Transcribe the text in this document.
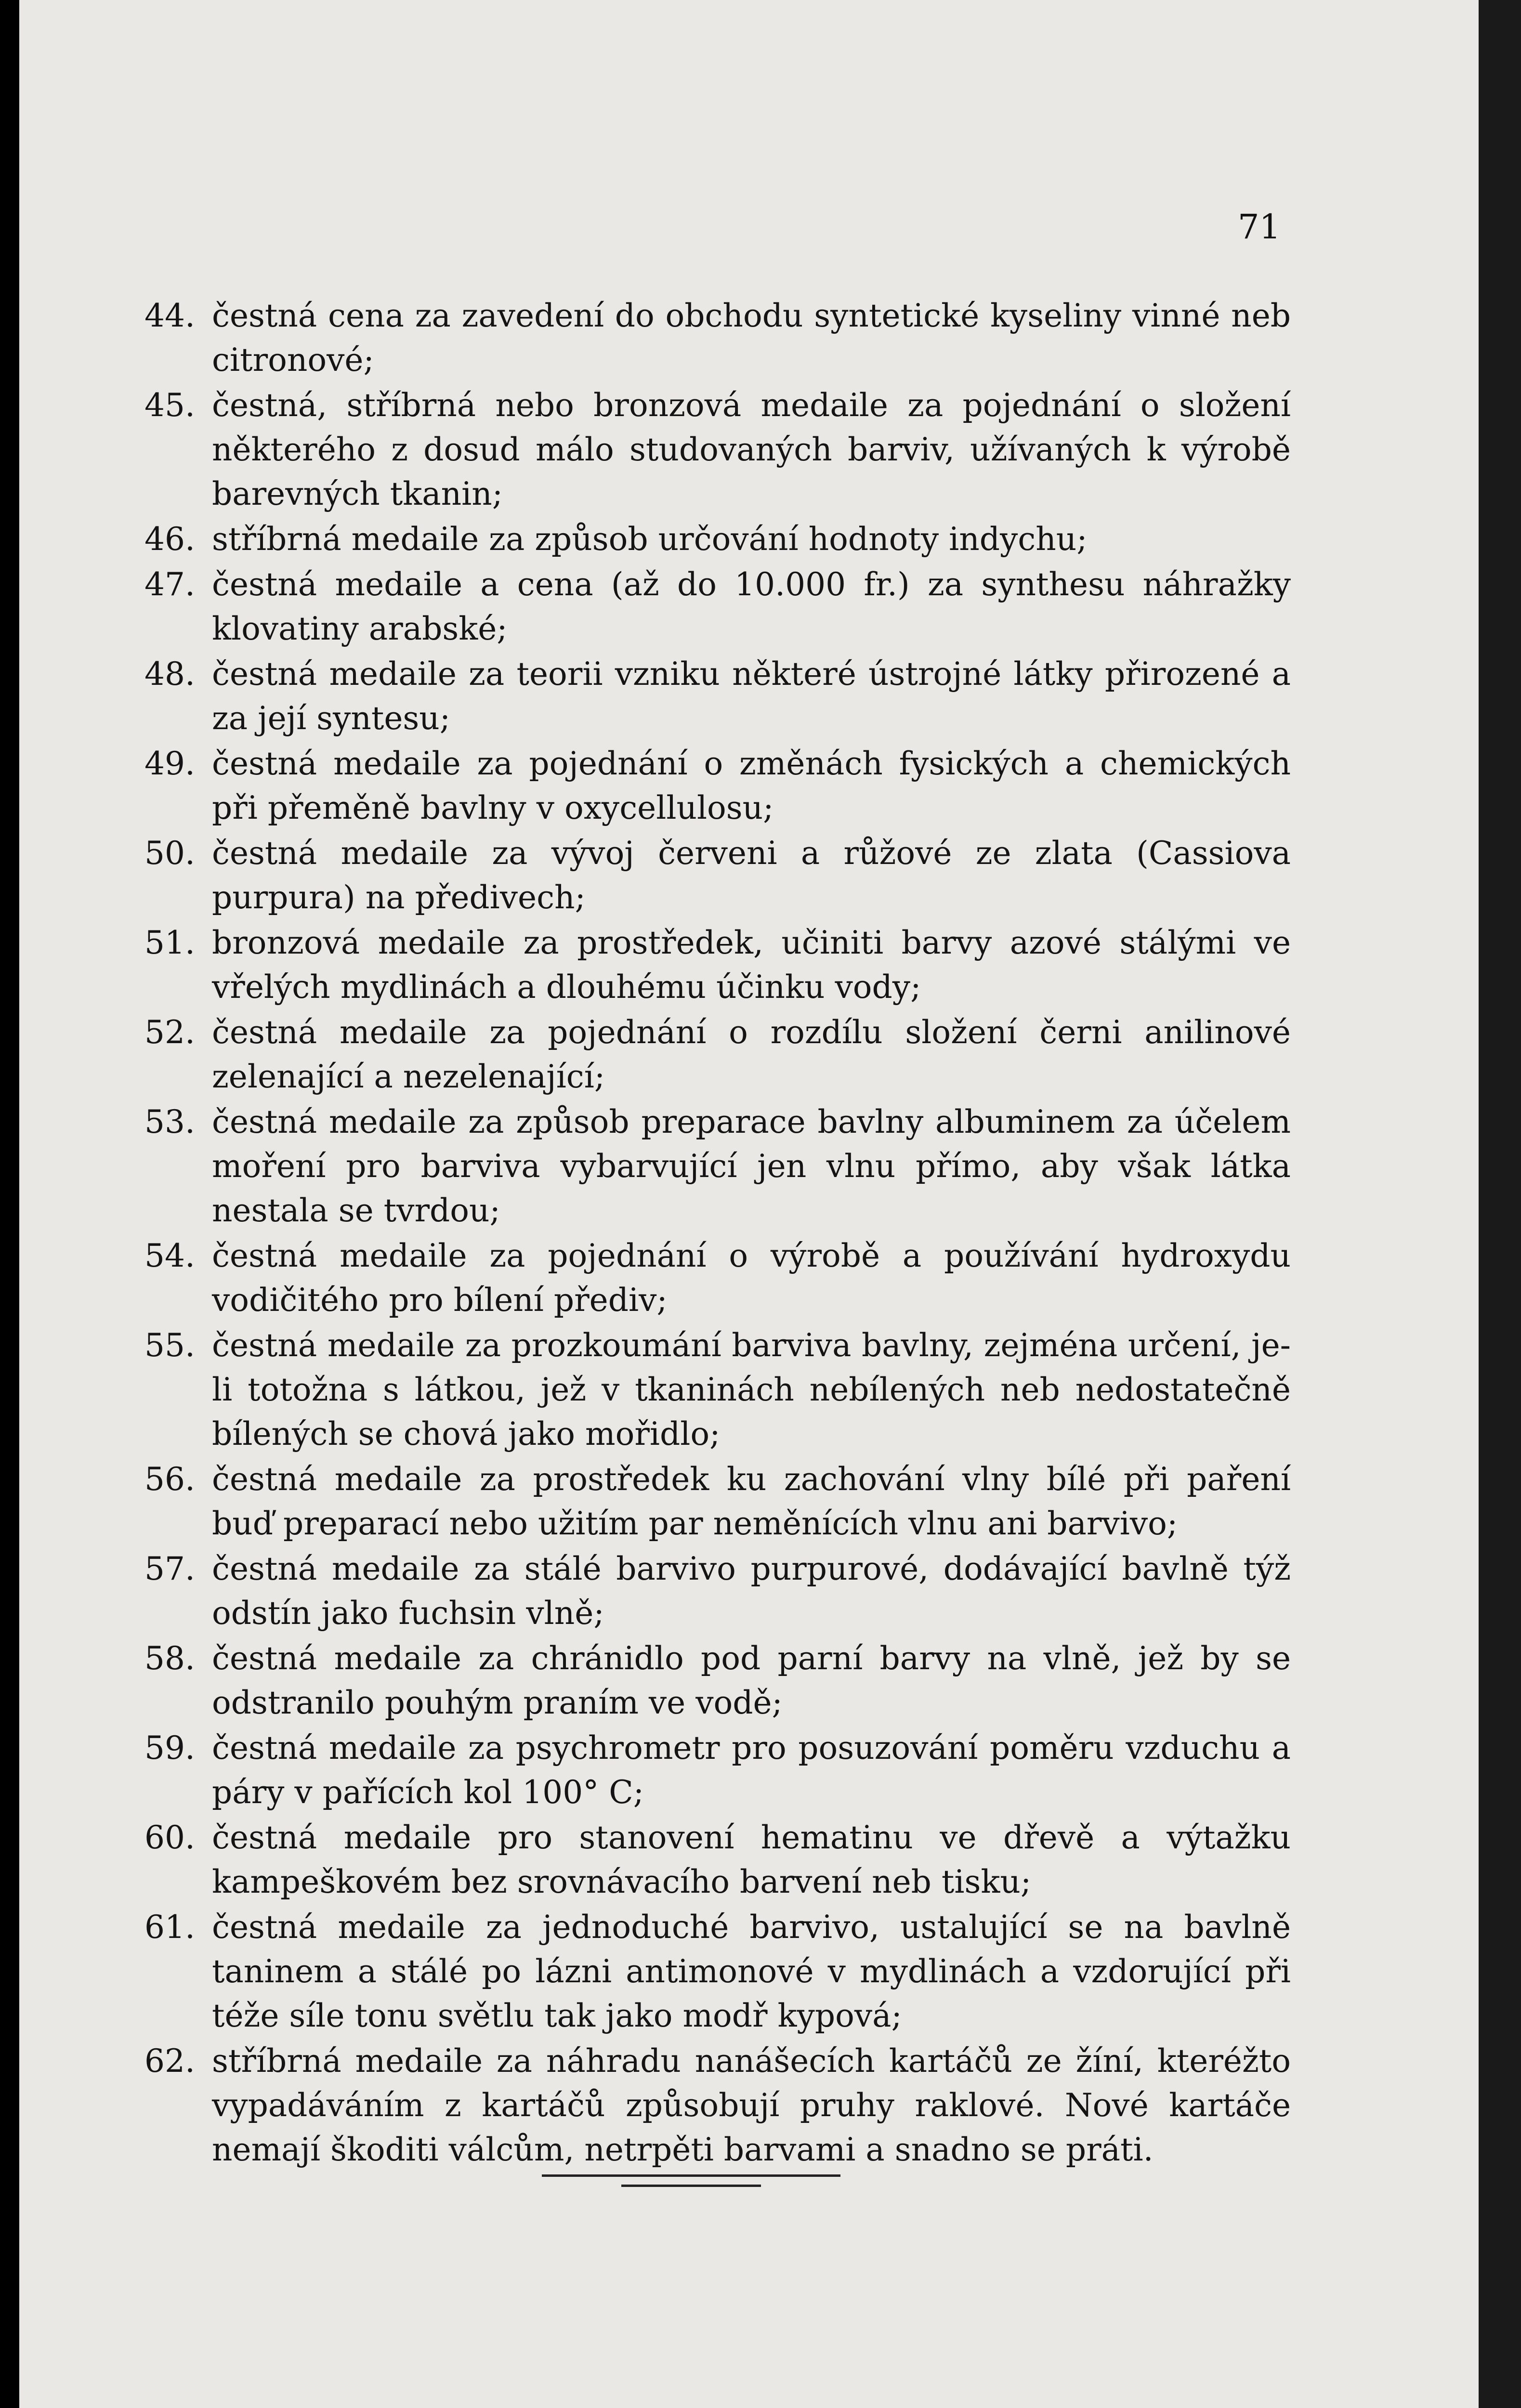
71

44. čestná cena za zavedení do obchodu syntetické kyseliny vinné neb citronové;
45. čestná, stříbrná nebo bronzová medaile za pojednání o složení některého z dosud málo studovaných barviv, užívaných k výrobě barevných tkanin;
46. stříbrná medaile za způsob určování hodnoty indychu;
47. čestná medaile a cena (až do 10.000 fr.) za synthesu náhražky klovatiny arabské;
48. čestná medaile za teorii vzniku některé ústrojné látky přirozené a za její syntesu;
49. čestná medaile za pojednání o změnách fysických a chemických při přeměně bavlny v oxycellulosu;
50. čestná medaile za vývoj červeni a růžové ze zlata (Cassiova purpura) na předivech;
51. bronzová medaile za prostředek, učiniti barvy azové stálými ve vřelých mydlinách a dlouhému účinku vody;
52. čestná medaile za pojednání o rozdílu složení černi anilinové zelenající a nezelenající;
53. čestná medaile za způsob preparace bavlny albuminem za účelem moření pro barviva vybarvující jen vlnu přímo, aby však látka nestala se tvrdou;
54. čestná medaile za pojednání o výrobě a používání hydroxydu vodičitého pro bílení přediv;
55. čestná medaile za prozkoumání barviva bavlny, zejména určení, je-li totožna s látkou, jež v tkaninách nebílených neb nedostatečně bílených se chová jako mořidlo;
56. čestná medaile za prostředek ku zachování vlny bílé při paření buď preparací nebo užitím par neměnících vlnu ani barvivo;
57. čestná medaile za stálé barvivo purpurové, dodávající bavlně týž odstín jako fuchsin vlně;
58. čestná medaile za chránidlo pod parní barvy na vlně, jež by se odstranilo pouhým praním ve vodě;
59. čestná medaile za psychrometr pro posuzování poměru vzduchu a páry v pařících kol 100° C;
60. čestná medaile pro stanovení hematinu ve dřevě a výtažku kampeškovém bez srovnávacího barvení neb tisku;
61. čestná medaile za jednoduché barvivo, ustalující se na bavlně taninem a stálé po lázni antimonové v mydlinách a vzdorující při téže síle tonu světlu tak jako modř kypová;
62. stříbrná medaile za náhradu nanášecích kartáčů ze žíní, kteréžto vypadáváním z kartáčů způsobují pruhy raklové. Nové kartáče nemají škoditi válcům, netrpěti barvami a snadno se práti.
